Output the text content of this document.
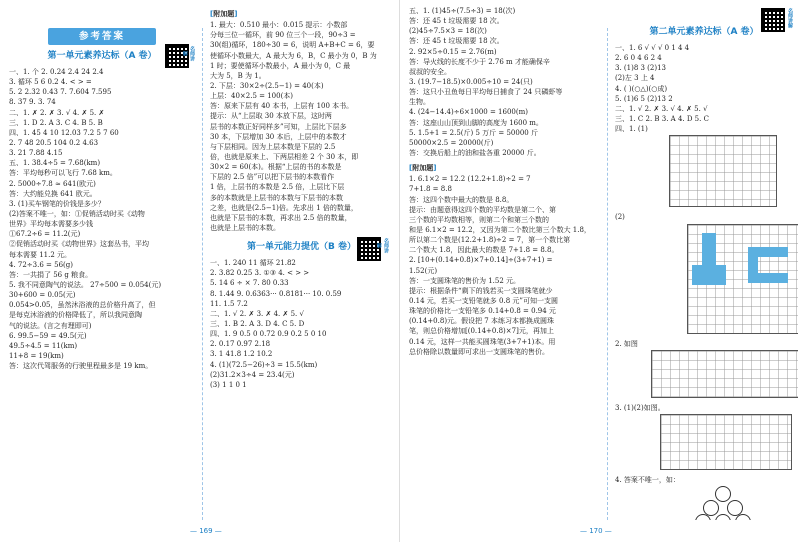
参考答案
第一单元素养达标（A 卷）	名师讲解
一、1. 个 2. 0.24 2.4 24 2.4
3. 循环 5 6 0.2 4. < > =
5. 2 2.32 0.43 7. 7.604 7.595
8. 37 9. 3. 74
二、1. ✗ 2. ✗ 3. √ 4. ✗ 5. ✗
三、1. D 2. A 3. C 4. B 5. B
四、1. 45 4 10 12.03 7.2 5 7 60
2. 7 48 20.5 104 0.2 4.63
3. 21 7.88 4.15
五、1. 38.4÷5 = 7.68(km)
答：平均每秒可以飞行 7.68 km。
2. 5000÷7.8 ≈ 641(欧元)
答：大约能兑换 641 欧元。
3. (1)买车钢笔的价钱是多少？
(2)答案不唯一，如：①促销活动时买《动物
世界》平均每本需要多少钱
①67.2÷6 = 11.2(元)
②促销活动时买《动物世界》这套丛书，平均
每本需要 11.2 元。
4. 72÷3.6 = 56(g)
答：一共捐了 56 g 粮食。
5. 我不同意陶气的说法。 27÷500 = 0.054(元)
30+600 = 0.05(元)
0.054>0.05，虽然沐浴液的总价格升高了，但
是每克沐浴液的价格降低了，所以我同意陶
气的说法。(言之有理即可)
6. 99.5−59 = 49.5(元)
49.5÷4.5 = 11(km)
11+8 = 19(km)
答：这次代驾服务的行驶里程最多是 19 km。
[ 附加题 ]
1. 最大：0.510 最小：0.015 提示：小数部
分每三位一循环，前 90 位三个一段，90÷3 =
30(组)循环，180÷30 = 6，说明 A+B+C = 6，要
使循环小数最大，A 最大为 6，B，C 最小为 0，B 为
1 时；要使循环小数最小，A 最小为 0，C 最
大为 5，B 为 1。
2. 下层：30×2÷(2.5−1) = 40(本)
上层：40×2.5 = 100(本)
答：原来下层有 40 本书，上层有 100 本书。
提示：从“上层取 30 本放下层，这时两
层书的本数正好同样多”可知，上层比下层多
30 本，下层增加 30 本后，上层中的本数才
与下层相同。因为上层本数是下层的 2.5
倍，也就是原来上、下两层相差 2 个 30 本，即
30×2 = 60(本)。根据“上层的书的本数是
下层的 2.5 倍”可以把下层书的本数看作
1 倍，上层书的本数是 2.5 倍，上层比下层
多的本数就是上层书的本数与下层书的本数
之差，也就是(2.5−1)倍。先求出 1 倍的数量，
也就是下层书的本数，再求出 2.5 倍的数量，
也就是上层书的本数。
第一单元能力提优（B 卷）	名师讲解
一、1. 240 11 循环 21.82
2. 3.82 0.25 3. ①③ 4. < > >
5. 14 6 ÷ × 7. 80 0.33
8. 1.44 9. 0.6363··· 0.8181··· 10. 0.59
11. 1.5 7.2
二、1. √ 2. ✗ 3. ✗ 4. ✗ 5. √
三、1. B 2. A 3. D 4. C 5. D
四、1. 9 0.5 0 0.72 0.9 0.2 5 0 10
2. 0.17 0.97 2.18
3. 1 41.8 1.2 10.2
4. (1)(72.5−26)÷3 = 15.5(km)
(2)31.2×3÷4 = 23.4(元)
(3) 1 1 0 1
— 169 —
五、1. (1)45÷(7.5÷3) = 18(次)
答：还 45 t 垃圾需要 18 次。
(2)45÷7.5×3 = 18(次)
答：还 45 t 垃圾需要 18 次。
2. 92×5÷0.15 = 2.76(m)
答：导火线的长度不少于 2.76 m 才能确保辛
叔叔的安全。
3. (19.7−18.5)×0.005÷10 = 24(只)
答：这只小丑鱼每日平均每日捕食了 24 只磷虾等
生物。
4. (24−14.4)÷6×1000 = 1600(m)
答：这座山山顶到山脚的高度为 1600 m。
5. 1.5+1 = 2.5(斤) 5 万斤 = 50000 斤
50000×2.5 = 20000(斤)
答：交换后船上的油和盐各重 20000 斤。
[ 附加题 ]
1. 6.1×2 = 12.2 (12.2+1.8)÷2 = 7
7+1.8 = 8.8
答：这四个数中最大的数是 8.8。
提示：由题意得这四个数的平均数是第二个、第
三个数的平均数相等，则第二个和第三个数的
和是 6.1×2 = 12.2，又因为第二个数比第三个数大 1.8，
所以第二个数是(12.2+1.8)÷2 = 7，第一个数比第
二个数大 1.8，因此最大的数是 7+1.8 = 8.8。
2. [10+(0.14+0.8)×7+0.14]÷(3+7+1) =
1.52(元)
答：一支圆珠笔的售价为 1.52 元。
提示：根据条件“剩下的钱若买一支圆珠笔就少
0.14 元，若买一支铅笔就多 0.8 元”可知一支圆
珠笔的价格比一支铅笔多 0.14+0.8 = 0.94 元
(0.14+0.8)元。假设把 7 本练习本都换成圆珠
笔，则总价格增加[(0.14+0.8)×7]元，再加上
0.14 元，这样一共能买圆珠笔(3+7+1)本。用
总价格除以数量即可求出一支圆珠笔的售价。
第二单元素养达标（A 卷）
名师讲解
一、1. 6 √ √ √ 0 1 4 4
2. 6 0 4 6 2 4
3. (1)8 3 (2)13
(2)左 3 上 4
4. ( )(○△)(○成)
5. (1)6 5 (2)13 2
二、1. √ 2. ✗ 3. √ 4. ✗ 5. √
三、1. C 2. B 3. A 4. D 5. C
四、1. (1)
(2)
2. 如图
3. (1)(2)如图。
4. 答案不唯一，如：
— 170 —
